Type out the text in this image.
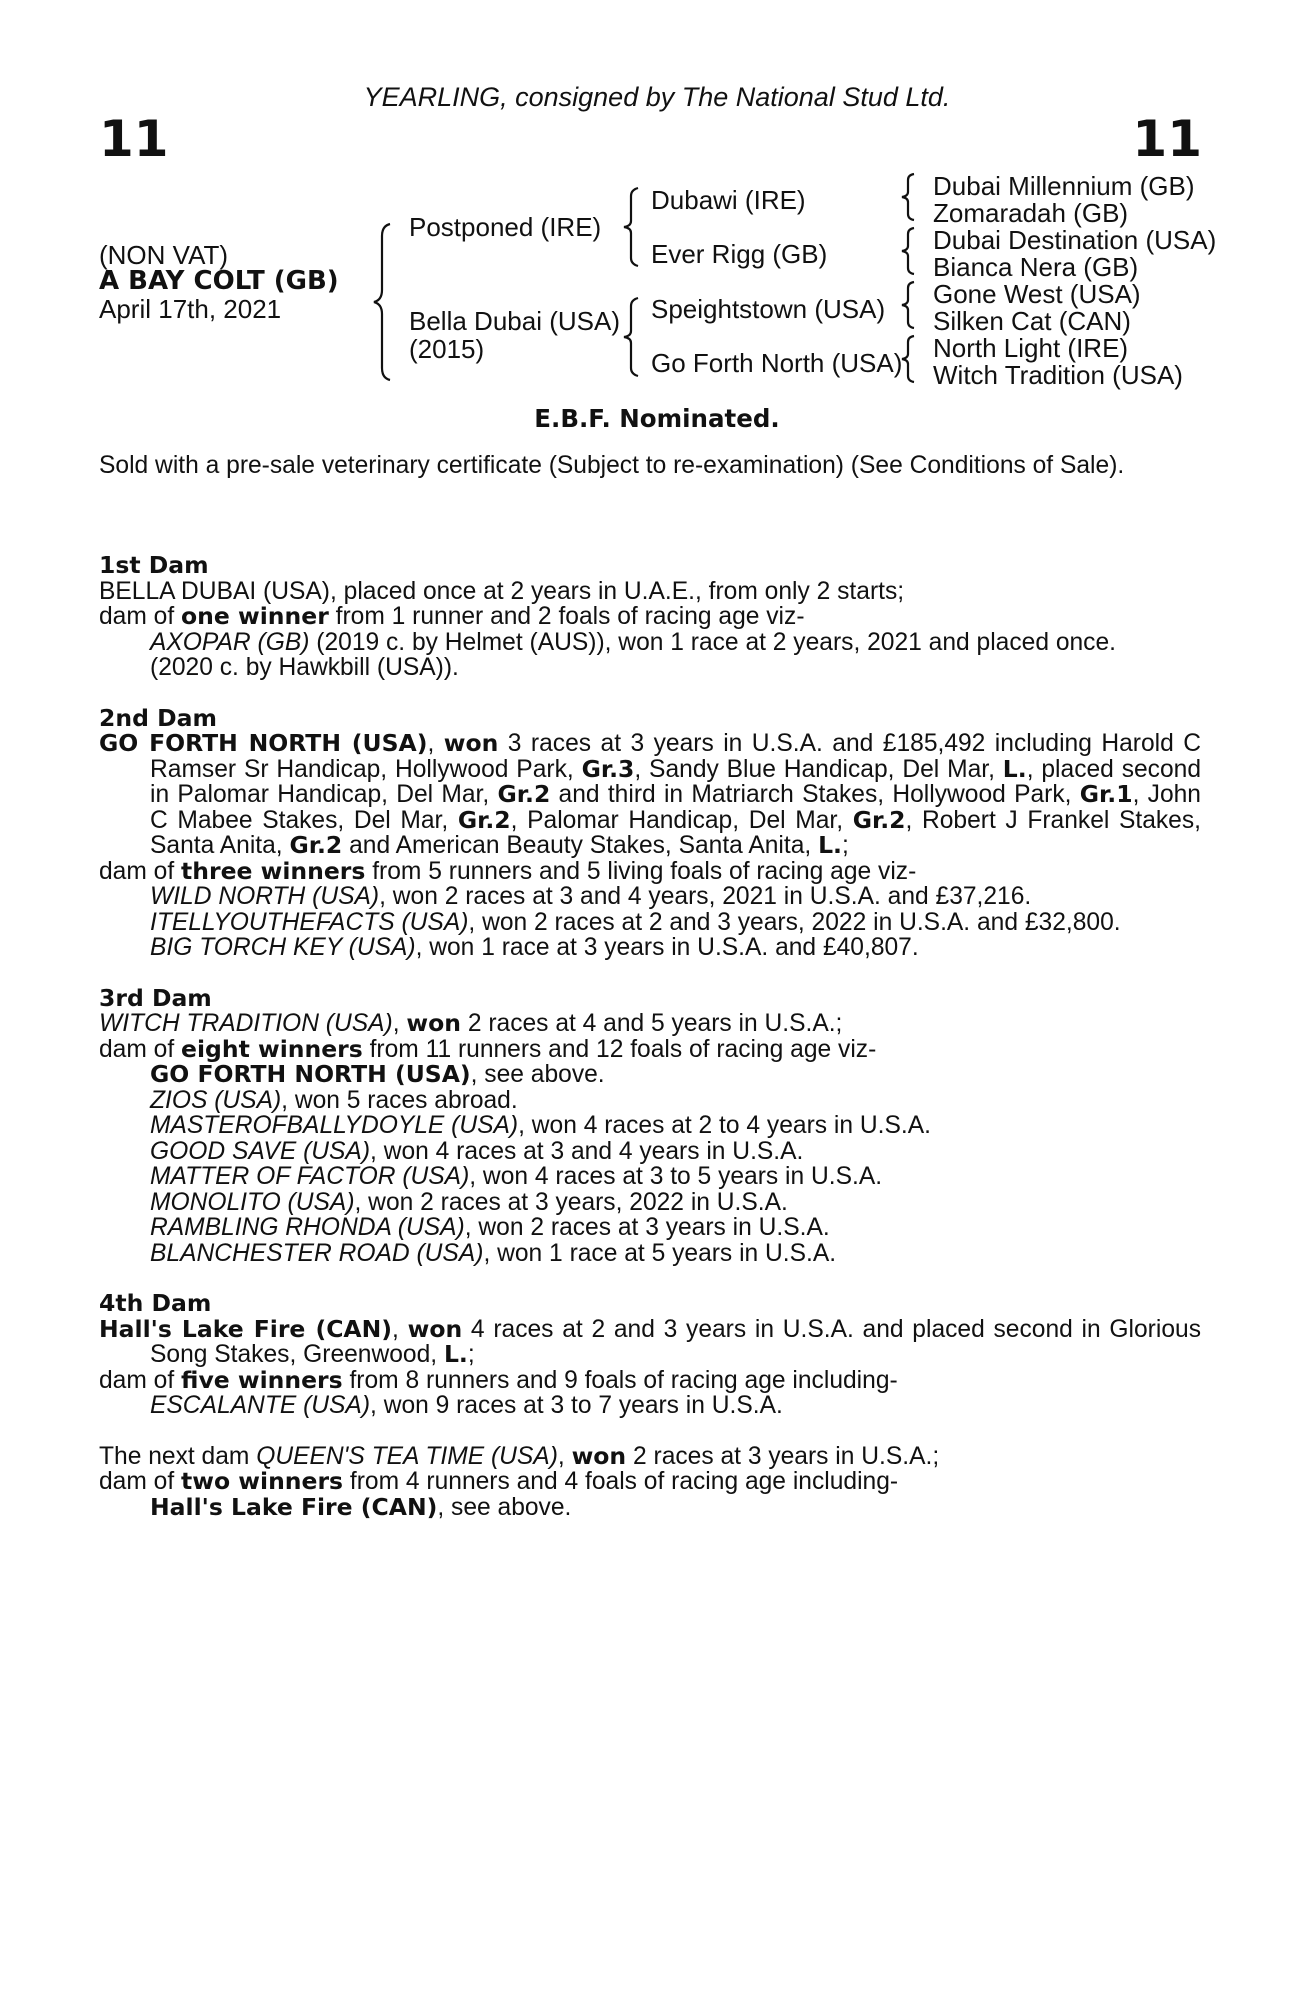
11	11
YEARLING, consigned by The National Stud Ltd.
(NON VAT)
A BAY COLT (GB)
April 17th, 2021
Postponed (IRE)
Bella Dubai (USA)
(2015)
Dubawi (IRE)
Ever Rigg (GB)
Speightstown (USA)
Go Forth North (USA)
Dubai Millennium (GB)
Zomaradah (GB)
Dubai Destination (USA)
Bianca Nera (GB)
Gone West (USA)
Silken Cat (CAN)
North Light (IRE)
Witch Tradition (USA)
E.B.F. Nominated.
Sold with a pre-sale veterinary certificate (Subject to re-examination) (See Conditions of Sale).

1st Dam

BELLA DUBAI (USA), placed once at 2 years in U.A.E., from only 2 starts;

dam of one winner from 1 runner and 2 foals of racing age viz-

AXOPAR (GB) (2019 c. by Helmet (AUS)), won 1 race at 2 years, 2021 and placed once.

(2020 c. by Hawkbill (USA)).

2nd Dam

GO FORTH NORTH (USA), won 3 races at 3 years in U.S.A. and £185,492 including Harold C Ramser Sr Handicap, Hollywood Park, Gr.3, Sandy Blue Handicap, Del Mar, L., placed second in Palomar Handicap, Del Mar, Gr.2 and third in Matriarch Stakes, Hollywood Park, Gr.1, John C Mabee Stakes, Del Mar, Gr.2, Palomar Handicap, Del Mar, Gr.2, Robert J Frankel Stakes, Santa Anita, Gr.2 and American Beauty Stakes, Santa Anita, L.;

dam of three winners from 5 runners and 5 living foals of racing age viz-

WILD NORTH (USA), won 2 races at 3 and 4 years, 2021 in U.S.A. and £37,216.

ITELLYOUTHEFACTS (USA), won 2 races at 2 and 3 years, 2022 in U.S.A. and £32,800.

BIG TORCH KEY (USA), won 1 race at 3 years in U.S.A. and £40,807.

3rd Dam

WITCH TRADITION (USA), won 2 races at 4 and 5 years in U.S.A.;

dam of eight winners from 11 runners and 12 foals of racing age viz-

GO FORTH NORTH (USA), see above.

ZIOS (USA), won 5 races abroad.

MASTEROFBALLYDOYLE (USA), won 4 races at 2 to 4 years in U.S.A.

GOOD SAVE (USA), won 4 races at 3 and 4 years in U.S.A.

MATTER OF FACTOR (USA), won 4 races at 3 to 5 years in U.S.A.

MONOLITO (USA), won 2 races at 3 years, 2022 in U.S.A.

RAMBLING RHONDA (USA), won 2 races at 3 years in U.S.A.

BLANCHESTER ROAD (USA), won 1 race at 5 years in U.S.A.

4th Dam

Hall's Lake Fire (CAN), won 4 races at 2 and 3 years in U.S.A. and placed second in Glorious Song Stakes, Greenwood, L.;

dam of five winners from 8 runners and 9 foals of racing age including-

ESCALANTE (USA), won 9 races at 3 to 7 years in U.S.A.

The next dam QUEEN'S TEA TIME (USA), won 2 races at 3 years in U.S.A.;

dam of two winners from 4 runners and 4 foals of racing age including-

Hall's Lake Fire (CAN), see above.
